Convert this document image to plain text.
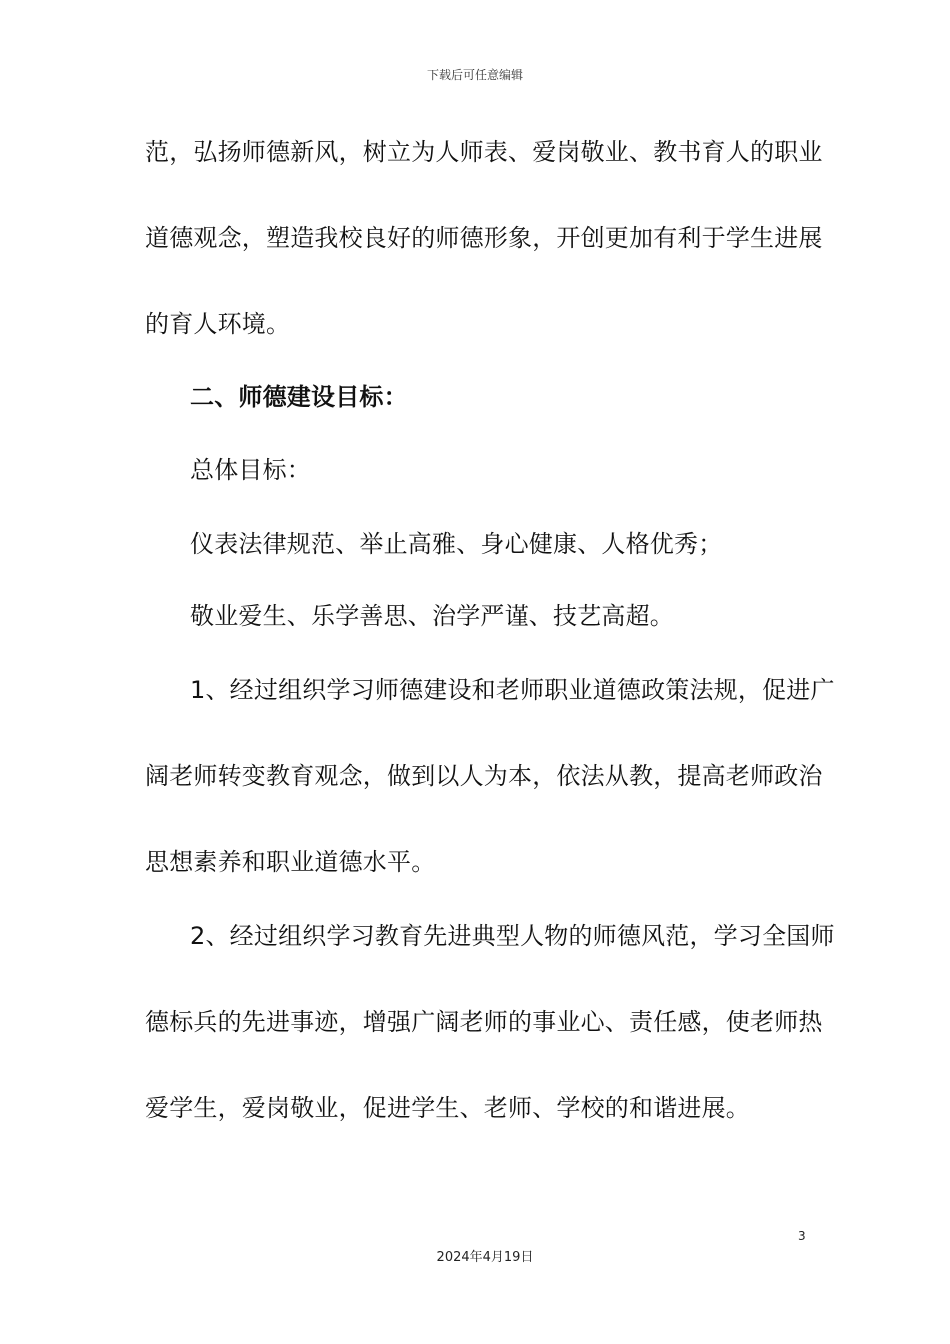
下载后可任意编辑
范，弘扬师德新风，树立为人师表、爱岗敬业、教书育人的职业
道德观念，塑造我校良好的师德形象，开创更加有利于学生进展
的育人环境。
二、师德建设目标：
总体目标：
仪表法律规范、举止高雅、身心健康、人格优秀；
敬业爱生、乐学善思、治学严谨、技艺高超。
1、经过组织学习师德建设和老师职业道德政策法规，促进广
阔老师转变教育观念，做到以人为本，依法从教，提高老师政治
思想素养和职业道德水平。
2、经过组织学习教育先进典型人物的师德风范，学习全国师
德标兵的先进事迹，增强广阔老师的事业心、责任感，使老师热
爱学生，爱岗敬业，促进学生、老师、学校的和谐进展。
3
2024年4月19日
